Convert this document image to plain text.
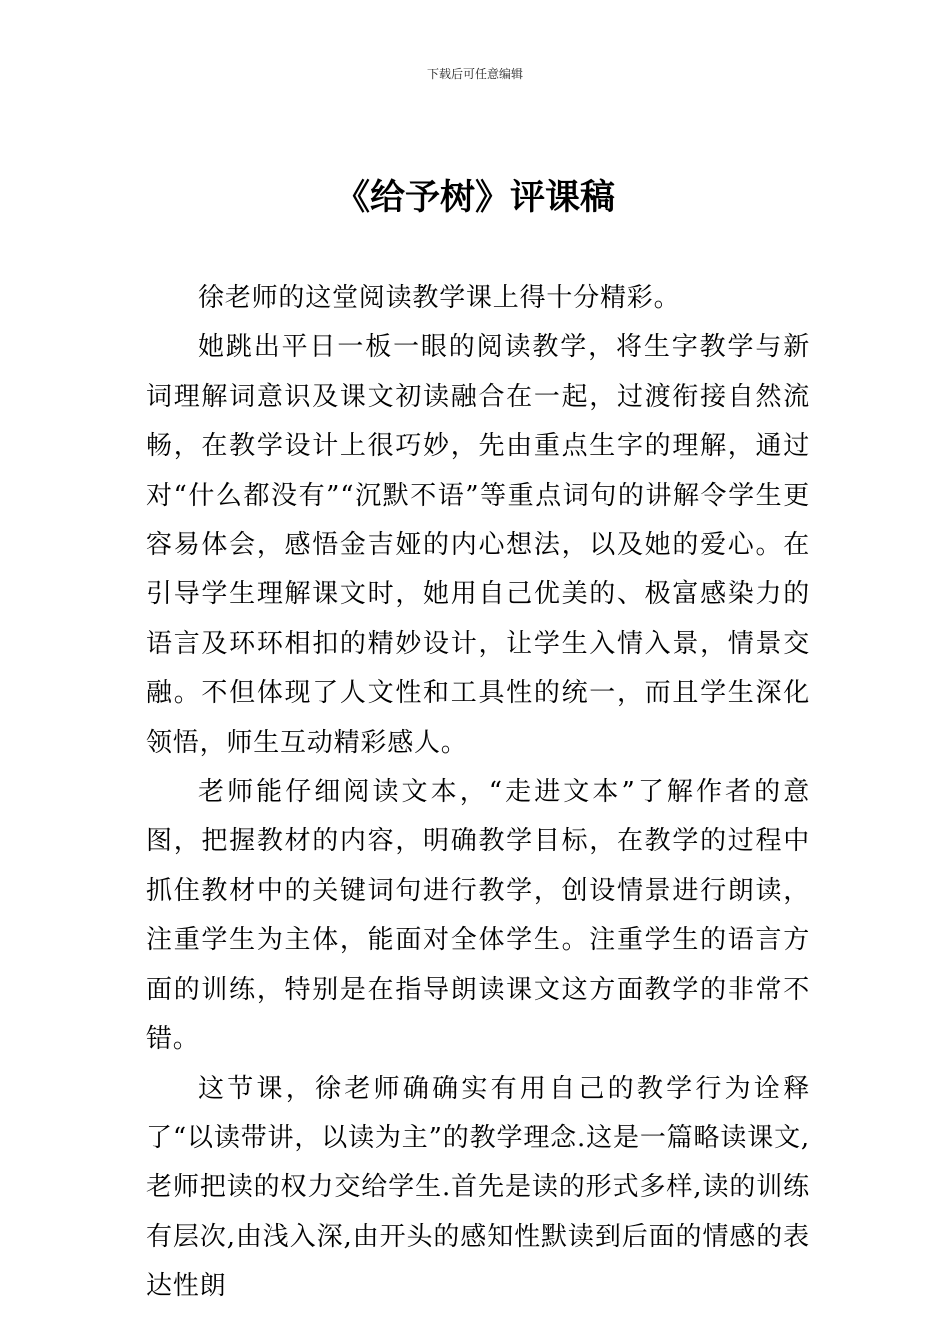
下载后可任意编辑
《给予树》评课稿

徐老师的这堂阅读教学课上得十分精彩。

她跳出平日一板一眼的阅读教学，将生字教学与新词理解词意识及课文初读融合在一起，过渡衔接自然流畅，在教学设计上很巧妙，先由重点生字的理解，通过对“什么都没有”“沉默不语”等重点词句的讲解令学生更容易体会，感悟金吉娅的内心想法，以及她的爱心。在引导学生理解课文时，她用自己优美的、极富感染力的语言及环环相扣的精妙设计，让学生入情入景，情景交融。不但体现了人文性和工具性的统一，而且学生深化领悟，师生互动精彩感人。

老师能仔细阅读文本，“走进文本”了解作者的意图，把握教材的内容，明确教学目标，在教学的过程中抓住教材中的关键词句进行教学，创设情景进行朗读，注重学生为主体，能面对全体学生。注重学生的语言方面的训练，特别是在指导朗读课文这方面教学的非常不错。

这节课，徐老师确确实有用自己的教学行为诠释了“以读带讲，以读为主”的教学理念.这是一篇略读课文,老师把读的权力交给学生.首先是读的形式多样,读的训练有层次,由浅入深,由开头的感知性默读到后面的情感的表达性朗
